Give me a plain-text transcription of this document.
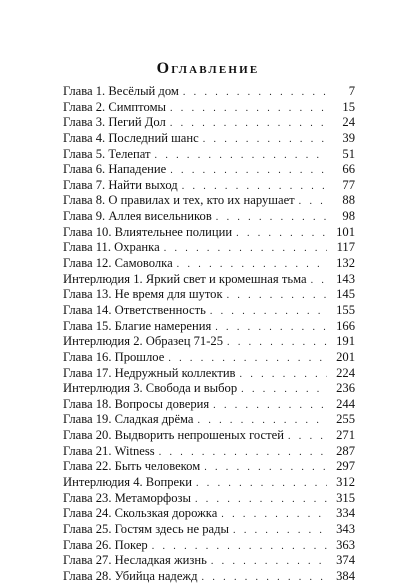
Оглавление
Глава 1. Весёлый дом . . .	7
Глава 2. Симптомы . . .	15
Глава 3. Пегий Дол . . .	24
Глава 4. Последний шанс . . .	39
Глава 5. Телепат . . .	51
Глава 6. Нападение . . .	66
Глава 7. Найти выход . . .	77
Глава 8. О правилах и тех, кто их нарушает . . .	88
Глава 9. Аллея висельников . . .	98
Глава 10. Влиятельнее полиции . . .	101
Глава 11. Охранка . . .	117
Глава 12. Самоволка . . .	132
Интерлюдия 1. Яркий свет и кромешная тьма . . .	143
Глава 13. Не время для шуток . . .	145
Глава 14. Ответственность . . .	155
Глава 15. Благие намерения . . .	166
Интерлюдия 2. Образец 71-25 . . .	191
Глава 16. Прошлое . . .	201
Глава 17. Недружный коллектив . . .	224
Интерлюдия 3. Свобода и выбор . . .	236
Глава 18. Вопросы доверия . . .	244
Глава 19. Сладкая дрёма . . .	255
Глава 20. Выдворить непрошеных гостей . . .	271
Глава 21. Witness . . .	287
Глава 22. Быть человеком . . .	297
Интерлюдия 4. Вопреки . . .	312
Глава 23. Метаморфозы . . .	315
Глава 24. Скользкая дорожка . . .	334
Глава 25. Гостям здесь не рады . . .	343
Глава 26. Покер . . .	363
Глава 27. Несладкая жизнь . . .	374
Глава 28. Убийца надежд . . .	384
